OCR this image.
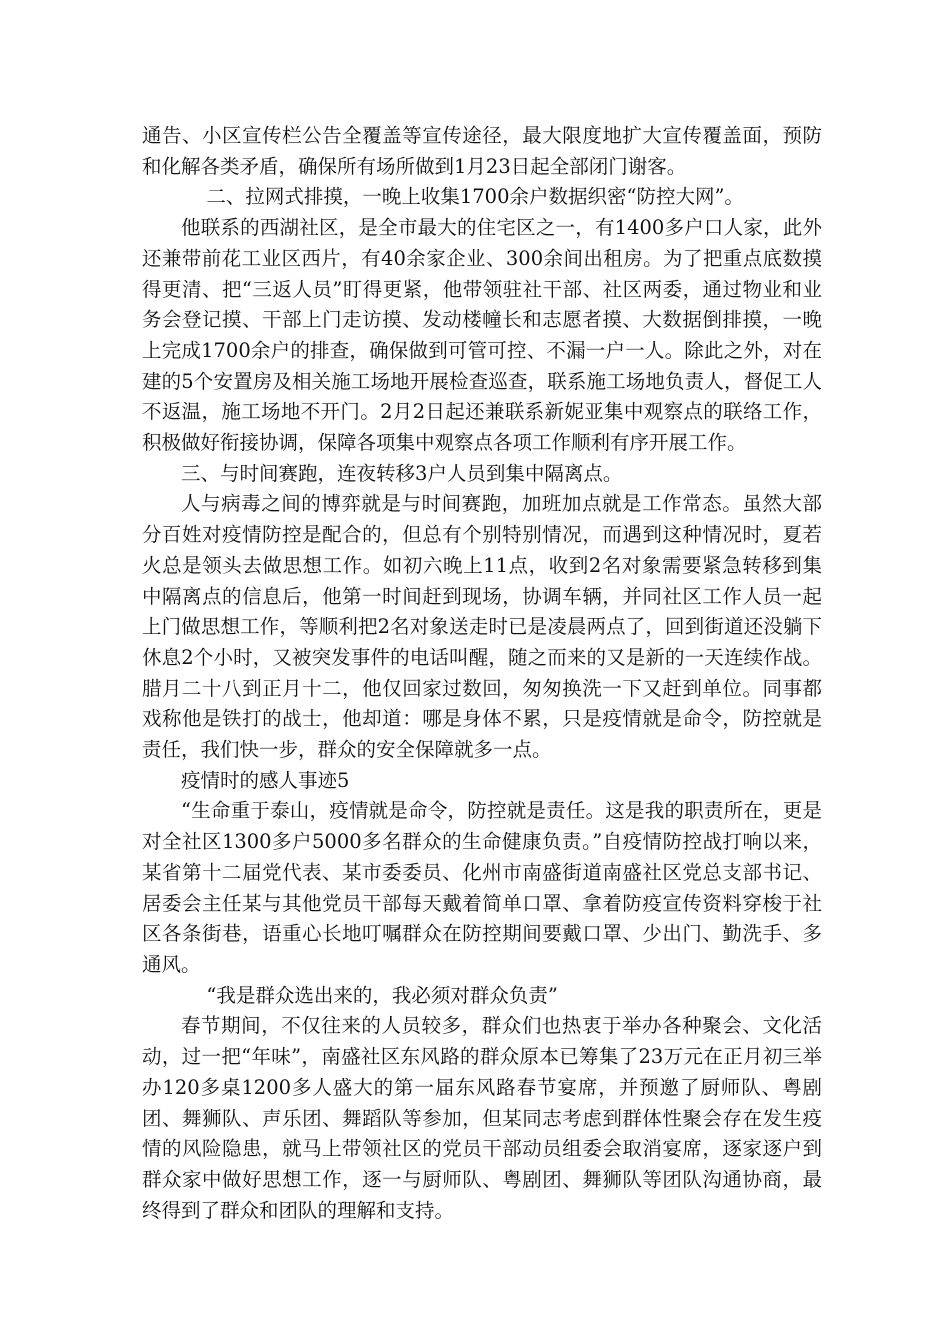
通告、小区宣传栏公告全覆盖等宣传途径，最大限度地扩大宣传覆盖面，预防和化解各类矛盾，确保所有场所做到1月23日起全部闭门谢客。

二、拉网式排摸，一晚上收集1700余户数据织密“防控大网”。

他联系的西湖社区，是全市最大的住宅区之一，有1400多户口人家，此外还兼带前花工业区西片，有40余家企业、300余间出租房。为了把重点底数摸得更清、把“三返人员”盯得更紧，他带领驻社干部、社区两委，通过物业和业务会登记摸、干部上门走访摸、发动楼幢长和志愿者摸、大数据倒排摸，一晚上完成1700余户的排查，确保做到可管可控、不漏一户一人。除此之外，对在建的5个安置房及相关施工场地开展检查巡查，联系施工场地负责人，督促工人不返温，施工场地不开门。2月2日起还兼联系新妮亚集中观察点的联络工作，积极做好衔接协调，保障各项集中观察点各项工作顺利有序开展工作。

三、与时间赛跑，连夜转移3户人员到集中隔离点。

人与病毒之间的博弈就是与时间赛跑，加班加点就是工作常态。虽然大部分百姓对疫情防控是配合的，但总有个别特别情况，而遇到这种情况时，夏若火总是领头去做思想工作。如初六晚上11点，收到2名对象需要紧急转移到集中隔离点的信息后，他第一时间赶到现场，协调车辆，并同社区工作人员一起上门做思想工作，等顺利把2名对象送走时已是凌晨两点了，回到街道还没躺下休息2个小时，又被突发事件的电话叫醒，随之而来的又是新的一天连续作战。腊月二十八到正月十二，他仅回家过数回，匆匆换洗一下又赶到单位。同事都戏称他是铁打的战士，他却道：哪是身体不累，只是疫情就是命令，防控就是责任，我们快一步，群众的安全保障就多一点。

疫情时的感人事迹5

“生命重于泰山，疫情就是命令，防控就是责任。这是我的职责所在，更是对全社区1300多户5000多名群众的生命健康负责。”自疫情防控战打响以来，某省第十二届党代表、某市委委员、化州市南盛街道南盛社区党总支部书记、居委会主任某与其他党员干部每天戴着简单口罩、拿着防疫宣传资料穿梭于社区各条街巷，语重心长地叮嘱群众在防控期间要戴口罩、少出门、勤洗手、多通风。

“我是群众选出来的，我必须对群众负责”

春节期间，不仅往来的人员较多，群众们也热衷于举办各种聚会、文化活动，过一把“年味”，南盛社区东风路的群众原本已筹集了23万元在正月初三举办120多桌1200多人盛大的第一届东风路春节宴席，并预邀了厨师队、粤剧团、舞狮队、声乐团、舞蹈队等参加，但某同志考虑到群体性聚会存在发生疫情的风险隐患，就马上带领社区的党员干部动员组委会取消宴席，逐家逐户到群众家中做好思想工作，逐一与厨师队、粤剧团、舞狮队等团队沟通协商，最终得到了群众和团队的理解和支持。
